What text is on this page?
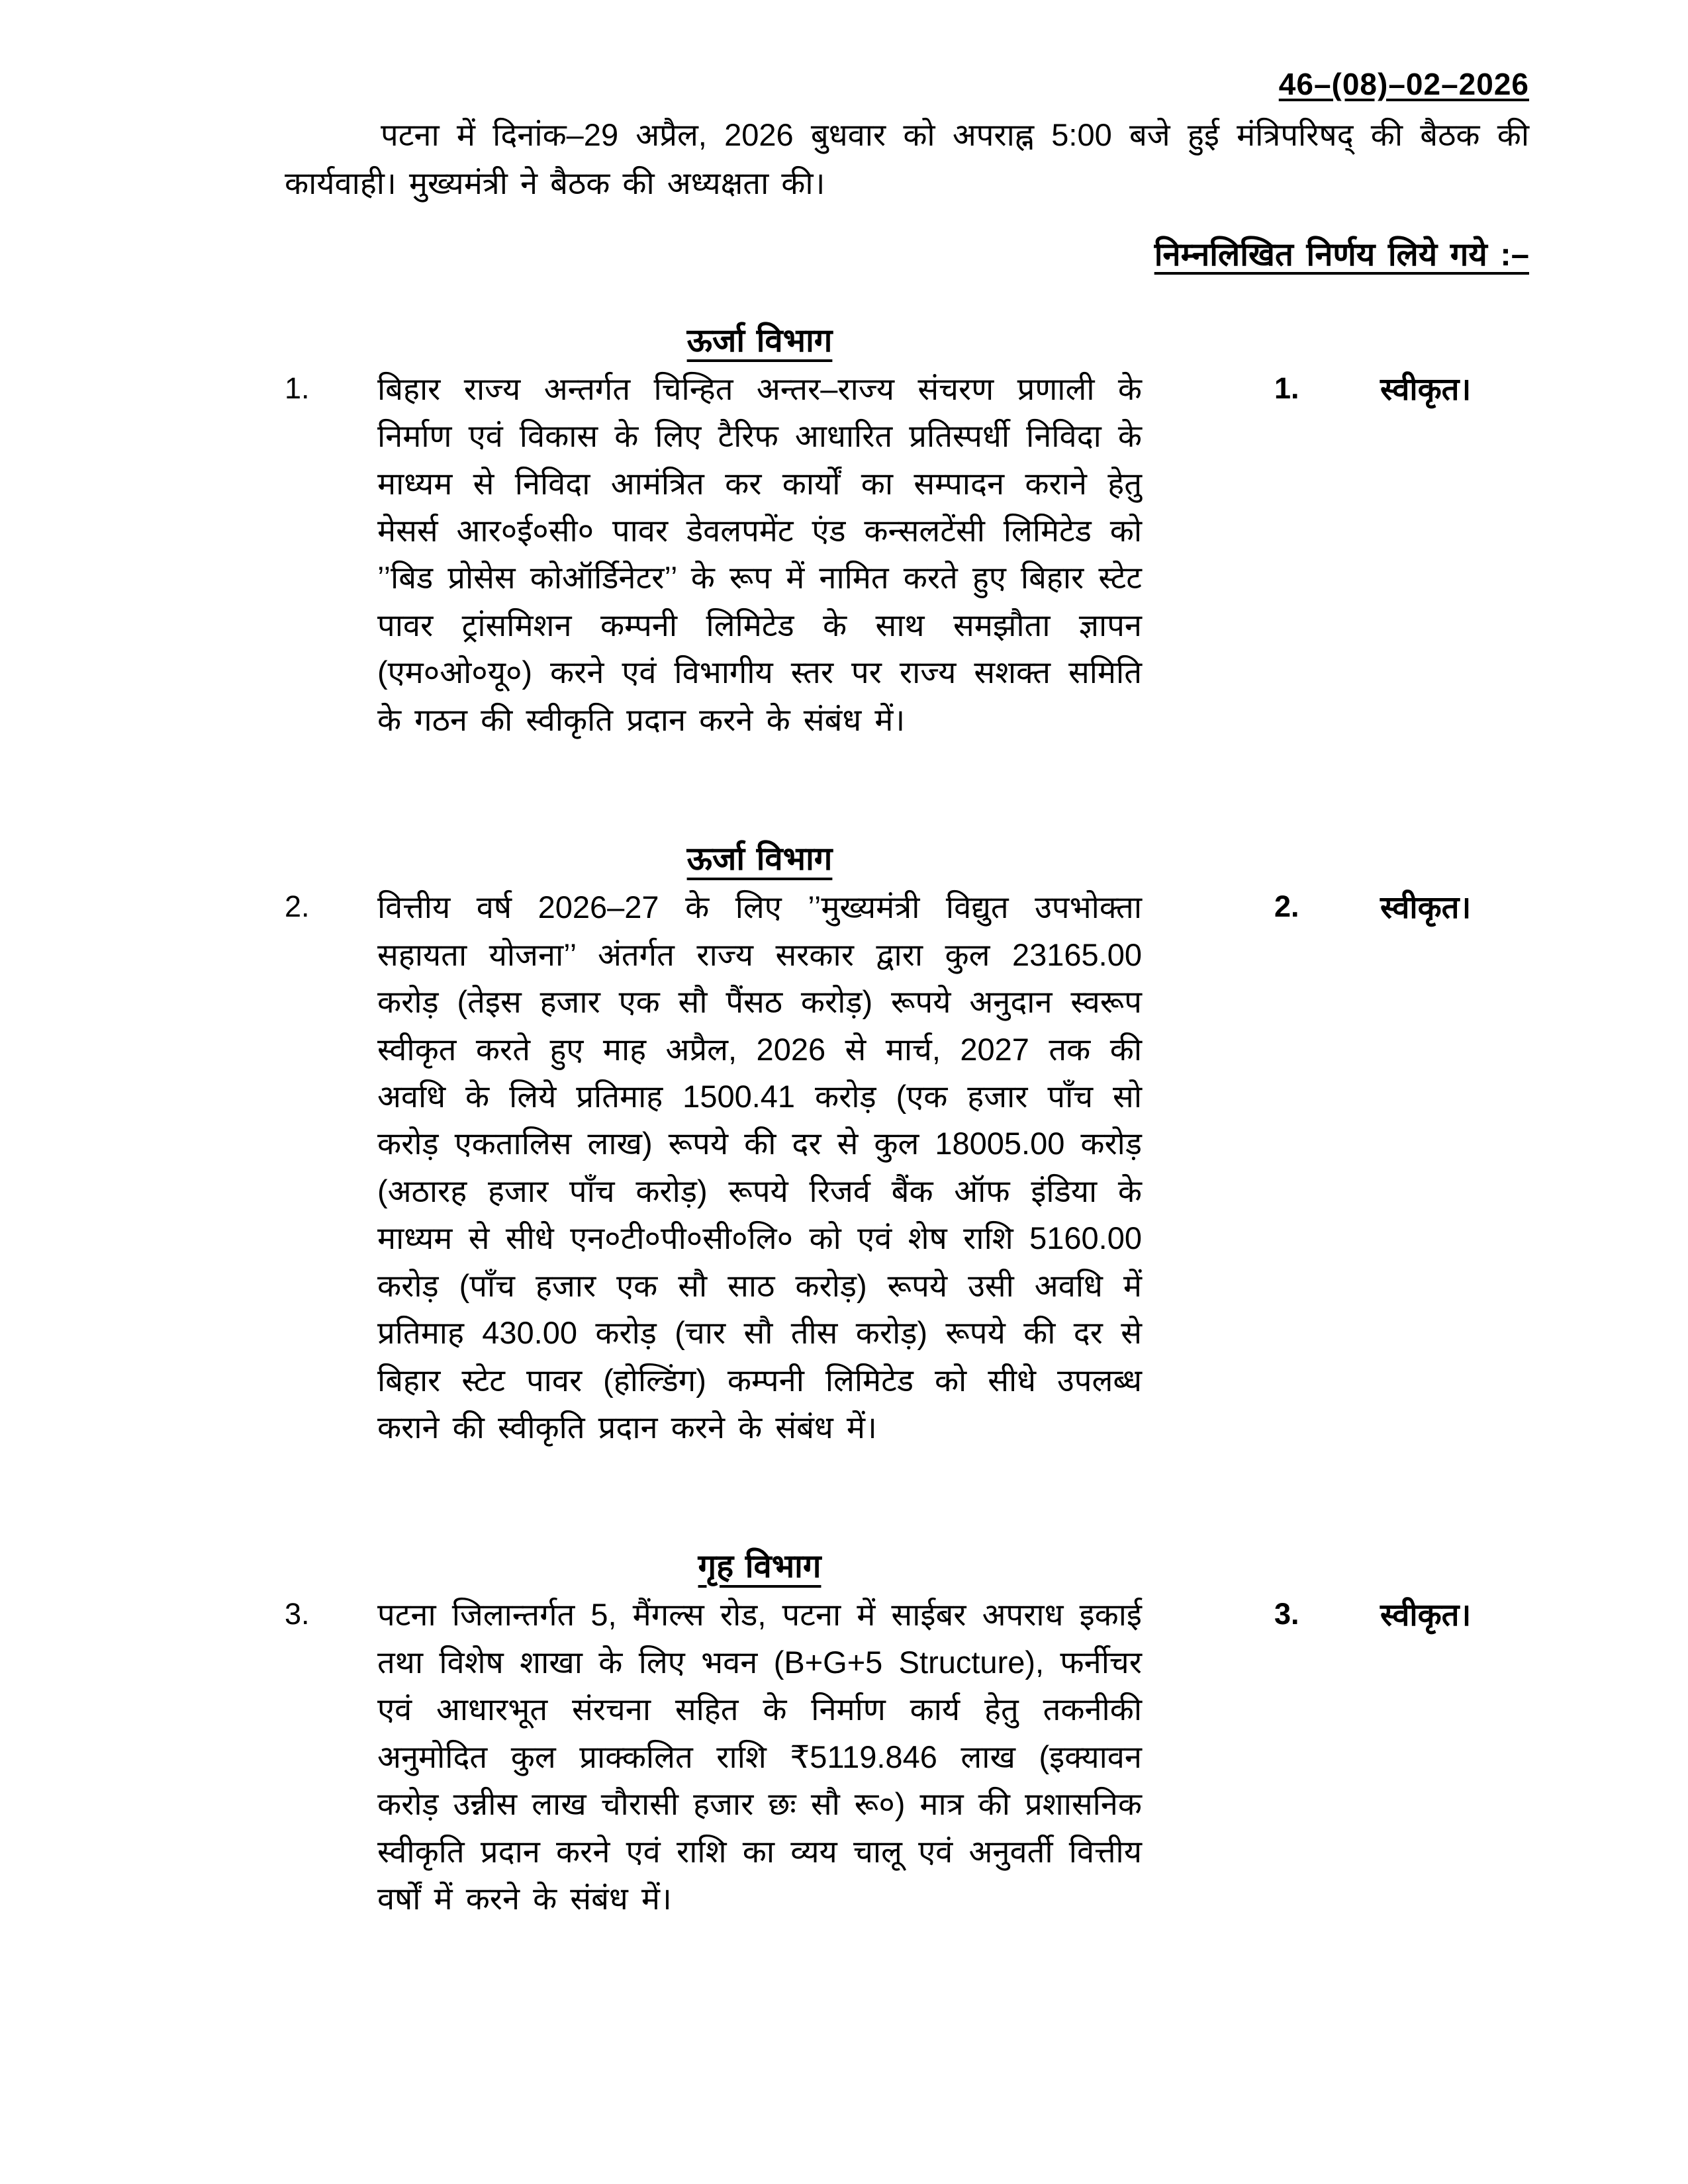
46–(08)–02–2026

पटना में दिनांक–29 अप्रैल, 2026 बुधवार को अपराह्न 5:00 बजे हुई मंत्रिपरिषद् की बैठक की कार्यवाही। मुख्यमंत्री ने बैठक की अध्यक्षता की।

निम्नलिखित निर्णय लिये गये :–
ऊर्जा विभाग
1.	बिहार राज्य अन्तर्गत चिन्हित अन्तर–राज्य संचरण प्रणाली के निर्माण एवं विकास के लिए टैरिफ आधारित प्रतिस्पर्धी निविदा के माध्यम से निविदा आमंत्रित कर कार्यों का सम्पादन कराने हेतु मेसर्स आर०ई०सी० पावर डेवलपमेंट एंड कन्सलटेंसी लिमिटेड को ’’बिड प्रोसेस कोऑर्डिनेटर’’ के रूप में नामित करते हुए बिहार स्टेट पावर ट्रांसमिशन कम्पनी लिमिटेड के साथ समझौता ज्ञापन (एम०ओ०यू०) करने एवं विभागीय स्तर पर राज्य सशक्त समिति के गठन की स्वीकृति प्रदान करने के संबंध में।
1.	स्वीकृत।
ऊर्जा विभाग
2.	वित्तीय वर्ष 2026–27 के लिए ’’मुख्यमंत्री विद्युत उपभोक्ता सहायता योजना’’ अंतर्गत राज्य सरकार द्वारा कुल 23165.00 करोड़ (तेइस हजार एक सौ पैंसठ करोड़) रूपये अनुदान स्वरूप स्वीकृत करते हुए माह अप्रैल, 2026 से मार्च, 2027 तक की अवधि के लिये प्रतिमाह 1500.41 करोड़ (एक हजार पाँच सो करोड़ एकतालिस लाख) रूपये की दर से कुल 18005.00 करोड़ (अठारह हजार पाँच करोड़) रूपये रिजर्व बैंक ऑफ इंडिया के माध्यम से सीधे एन०टी०पी०सी०लि० को एवं शेष राशि 5160.00 करोड़ (पाँच हजार एक सौ साठ करोड़) रूपये उसी अवधि में प्रतिमाह 430.00 करोड़ (चार सौ तीस करोड़) रूपये की दर से बिहार स्टेट पावर (होल्डिंग) कम्पनी लिमिटेड को सीधे उपलब्ध कराने की स्वीकृति प्रदान करने के संबंध में।
2.	स्वीकृत।
गृह विभाग
3.	पटना जिलान्तर्गत 5, मैंगल्स रोड, पटना में साईबर अपराध इकाई तथा विशेष शाखा के लिए भवन (B+G+5 Structure), फर्नीचर एवं आधारभूत संरचना सहित के निर्माण कार्य हेतु तकनीकी अनुमोदित कुल प्राक्कलित राशि ₹5119.846 लाख (इक्यावन करोड़ उन्नीस लाख चौरासी हजार छः सौ रू०) मात्र की प्रशासनिक स्वीकृति प्रदान करने एवं राशि का व्यय चालू एवं अनुवर्ती वित्तीय वर्षों में करने के संबंध में।
3.	स्वीकृत।
